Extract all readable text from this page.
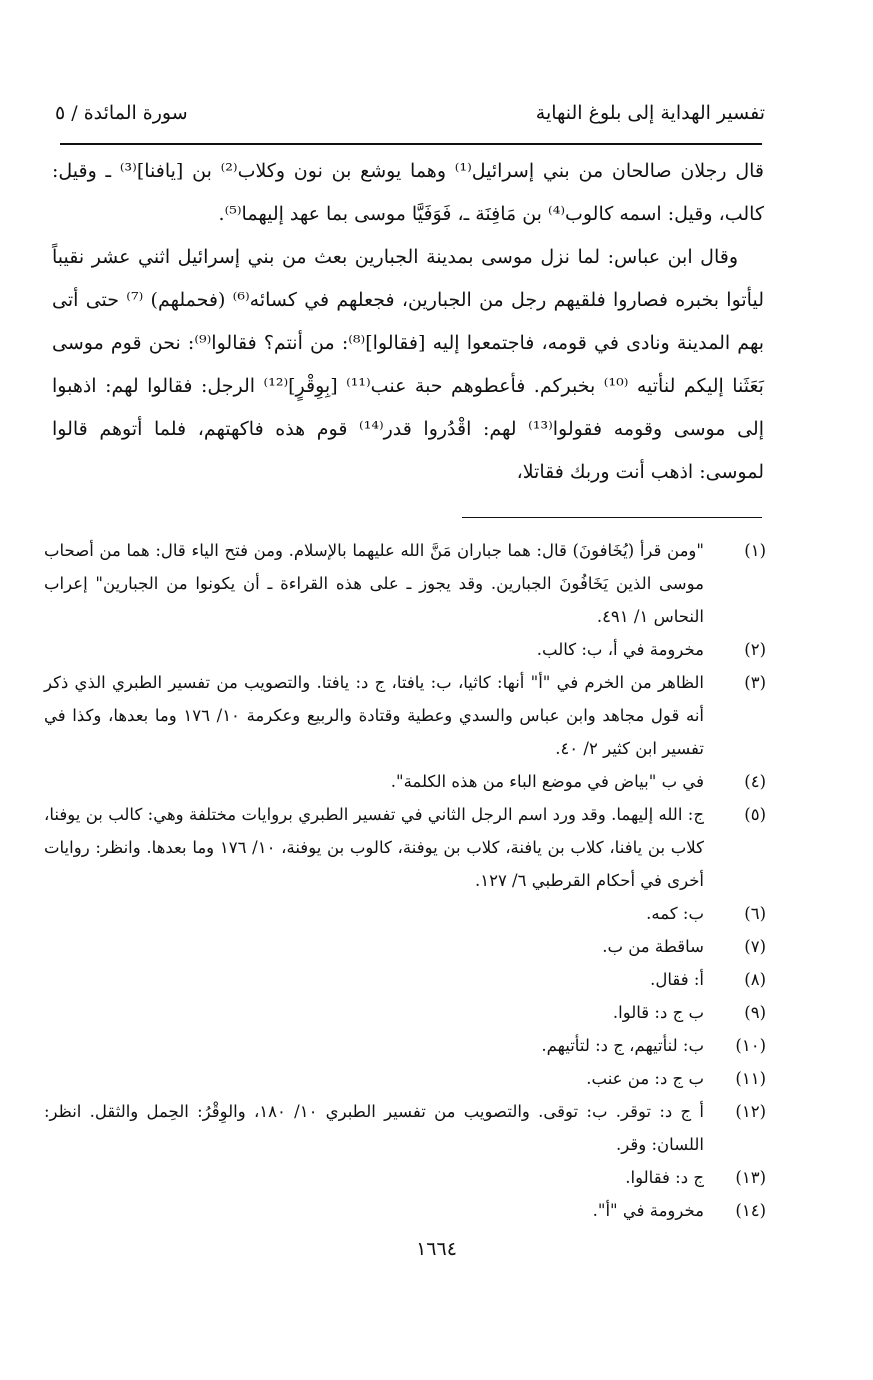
تفسير الهداية إلى بلوغ النهاية
سورة المائدة / ٥

قال رجلان صالحان من بني إسرائيل⁽¹⁾ وهما يوشع بن نون وكلاب⁽²⁾ بن [يافنا]⁽³⁾ ـ وقيل: كالب، وقيل: اسمه كالوب⁽⁴⁾ بن مَافِنَة ـ، فَوَفَيَّا موسى بما عهد إليهما⁽⁵⁾.

وقال ابن عباس: لما نزل موسى بمدينة الجبارين بعث من بني إسرائيل اثني عشر نقيباً ليأتوا بخبره فصاروا فلقيهم رجل من الجبارين، فجعلهم في كسائه⁽⁶⁾ (فحملهم) ⁽⁷⁾ حتى أتى بهم المدينة ونادى في قومه، فاجتمعوا إليه [فقالوا]⁽⁸⁾: من أنتم؟ فقالوا⁽⁹⁾: نحن قوم موسى بَعَثَنا إليكم لنأتيه ⁽¹⁰⁾ بخبركم. فأعطوهم حبة عنب⁽¹¹⁾ [بِوِقْرٍ]⁽¹²⁾ الرجل: فقالوا لهم: اذهبوا إلى موسى وقومه فقولوا⁽¹³⁾ لهم: اقْدُروا قدر⁽¹⁴⁾ قوم هذه فاكهتهم، فلما أتوهم قالوا لموسى: اذهب أنت وربك فقاتلا،

(١)
"ومن قرأ (يُخَافونَ) قال: هما جباران مَنَّ الله عليهما بالإسلام. ومن فتح الياء قال: هما من أصحاب موسى الذين يَخَافُونَ الجبارين. وقد يجوز ـ على هذه القراءة ـ أن يكونوا من الجبارين" إعراب النحاس ١/ ٤٩١.
(٢)
مخرومة في أ، ب: كالب.
(٣)
الظاهر من الخرم في "أ" أنها: كاثيا، ب: يافتا، ج د: يافتا. والتصويب من تفسير الطبري الذي ذكر أنه قول مجاهد وابن عباس والسدي وعطية وقتادة والربيع وعكرمة ١٠/ ١٧٦ وما بعدها، وكذا في تفسير ابن كثير ٢/ ٤٠.
(٤)
في ب "بياض في موضع الباء من هذه الكلمة".
(٥)
ج: الله إليهما. وقد ورد اسم الرجل الثاني في تفسير الطبري بروايات مختلفة وهي: كالب بن يوفنا، كلاب بن يافنا، كلاب بن يافنة، كلاب بن يوفنة، كالوب بن يوفنة، ١٠/ ١٧٦ وما بعدها. وانظر: روايات أخرى في أحكام القرطبي ٦/ ١٢٧.
(٦)
ب: كمه.
(٧)
ساقطة من ب.
(٨)
أ: فقال.
(٩)
ب ج د: قالوا.
(١٠)
ب: لنأتيهم، ج د: لتأتيهم.
(١١)
ب ج د: من عنب.
(١٢)
أ ج د: توقر. ب: توقى. والتصويب من تفسير الطبري ١٠/ ١٨٠، والوِقْرُ: الحِمل والثقل. انظر: اللسان: وقر.
(١٣)
ج د: فقالوا.
(١٤)
مخرومة في "أ".
١٦٦٤
